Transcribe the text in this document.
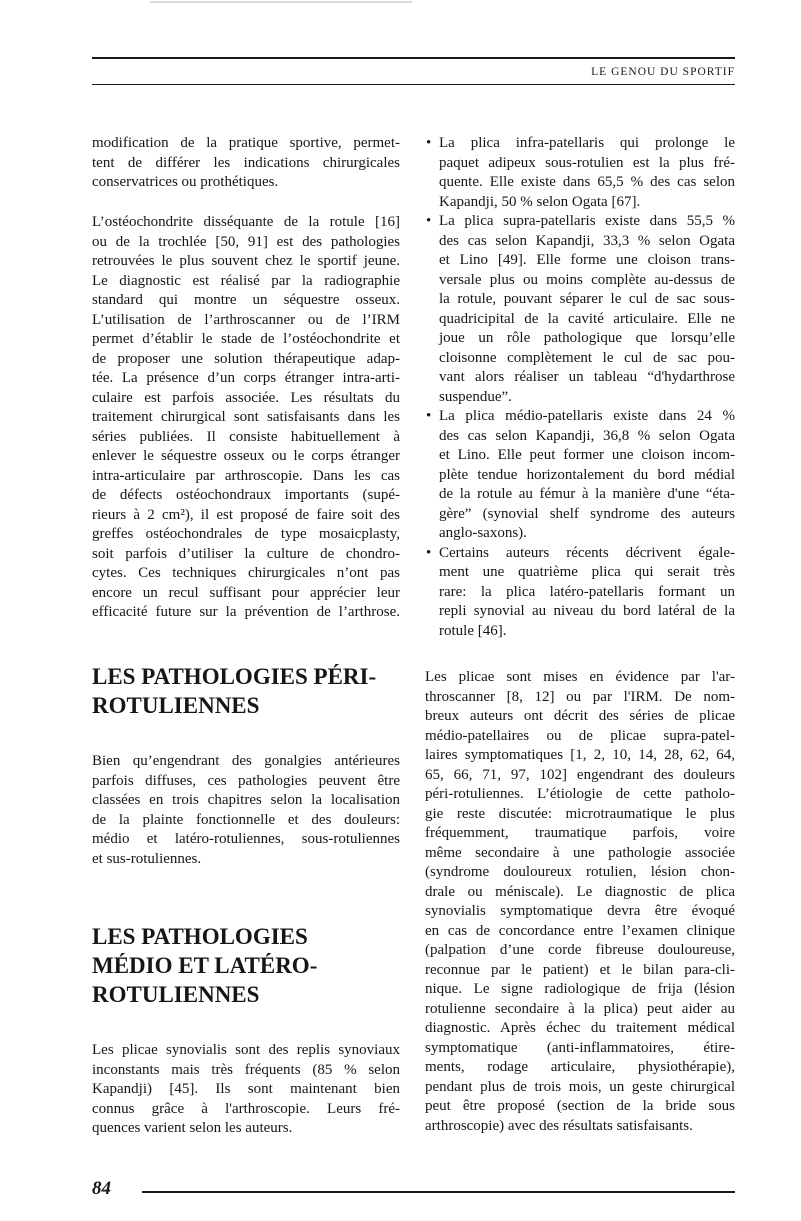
LE GENOU DU SPORTIF
modification de la pratique sportive, permet-
tent de différer les indications chirurgicales
conservatrices ou prothétiques.
L’ostéochondrite disséquante de la rotule [16]
ou de la trochlée [50, 91] est des pathologies
retrouvées le plus souvent chez le sportif jeune.
Le diagnostic est réalisé par la radiographie
standard qui montre un séquestre osseux.
L’utilisation de l’arthroscanner ou de l’IRM
permet d’établir le stade de l’ostéochondrite et
de proposer une solution thérapeutique adap-
tée. La présence d’un corps étranger intra-arti-
culaire est parfois associée. Les résultats du
traitement chirurgical sont satisfaisants dans les
séries publiées. Il consiste habituellement à
enlever le séquestre osseux ou le corps étranger
intra-articulaire par arthroscopie. Dans les cas
de défects ostéochondraux importants (supé-
rieurs à 2 cm²), il est proposé de faire soit des
greffes ostéochondrales de type mosaicplasty,
soit parfois d’utiliser la culture de chondro-
cytes. Ces techniques chirurgicales n’ont pas
encore un recul suffisant pour apprécier leur
efficacité future sur la prévention de l’arthrose.
LES PATHOLOGIES PÉRI-
ROTULIENNES
Bien qu’engendrant des gonalgies antérieures
parfois diffuses, ces pathologies peuvent être
classées en trois chapitres selon la localisation
de la plainte fonctionnelle et des douleurs:
médio et latéro-rotuliennes, sous-rotuliennes
et sus-rotuliennes.
LES PATHOLOGIES
MÉDIO ET LATÉRO-
ROTULIENNES
Les plicae synovialis sont des replis synoviaux
inconstants mais très fréquents (85 % selon
Kapandji) [45]. Ils sont maintenant bien
connus grâce à l'arthroscopie. Leurs fré-
quences varient selon les auteurs.
• La plica infra-patellaris qui prolonge le
paquet adipeux sous-rotulien est la plus fré-
quente. Elle existe dans 65,5 % des cas selon
Kapandji, 50 % selon Ogata [67].
• La plica supra-patellaris existe dans 55,5 %
des cas selon Kapandji, 33,3 % selon Ogata
et Lino [49]. Elle forme une cloison trans-
versale plus ou moins complète au-dessus de
la rotule, pouvant séparer le cul de sac sous-
quadricipital de la cavité articulaire. Elle ne
joue un rôle pathologique que lorsqu’elle
cloisonne complètement le cul de sac pou-
vant alors réaliser un tableau “d'hydarthrose
suspendue”.
• La plica médio-patellaris existe dans 24 %
des cas selon Kapandji, 36,8 % selon Ogata
et Lino. Elle peut former une cloison incom-
plète tendue horizontalement du bord médial
de la rotule au fémur à la manière d'une “éta-
gère” (synovial shelf syndrome des auteurs
anglo-saxons).
• Certains auteurs récents décrivent égale-
ment une quatrième plica qui serait très
rare: la plica latéro-patellaris formant un
repli synovial au niveau du bord latéral de la
rotule [46].
Les plicae sont mises en évidence par l'ar-
throscanner [8, 12] ou par l'IRM. De nom-
breux auteurs ont décrit des séries de plicae
médio-patellaires ou de plicae supra-patel-
laires symptomatiques [1, 2, 10, 14, 28, 62, 64,
65, 66, 71, 97, 102] engendrant des douleurs
péri-rotuliennes. L’étiologie de cette patholo-
gie reste discutée: microtraumatique le plus
fréquemment, traumatique parfois, voire
même secondaire à une pathologie associée
(syndrome douloureux rotulien, lésion chon-
drale ou méniscale). Le diagnostic de plica
synovialis symptomatique devra être évoqué
en cas de concordance entre l’examen clinique
(palpation d’une corde fibreuse douloureuse,
reconnue par le patient) et le bilan para-cli-
nique. Le signe radiologique de frija (lésion
rotulienne secondaire à la plica) peut aider au
diagnostic. Après échec du traitement médical
symptomatique (anti-inflammatoires, étire-
ments, rodage articulaire, physiothérapie),
pendant plus de trois mois, un geste chirurgical
peut être proposé (section de la bride sous
arthroscopie) avec des résultats satisfaisants.
84
